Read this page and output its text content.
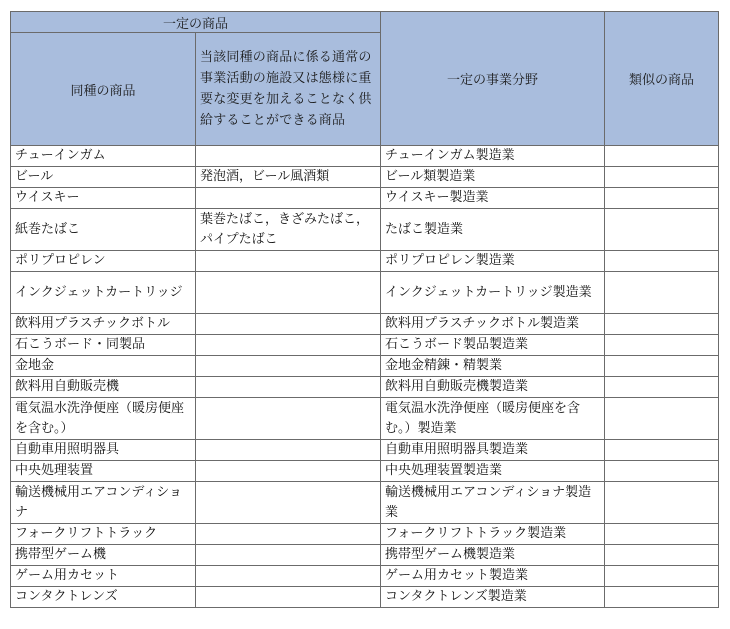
一定の商品		一定の事業分野	類似の商品
同種の商品	当該同種の商品に係る通常の事業活動の施設又は態様に重要な変更を加えることなく供給することができる商品		
チューインガム		チューインガム製造業	
ビール	発泡酒，ビール風酒類	ビール類製造業	
ウイスキー		ウイスキー製造業	
紙巻たばこ	葉巻たばこ，きざみたばこ，パイプたばこ	たばこ製造業	
ポリプロピレン		ポリプロピレン製造業	
インクジェットカートリッジ		インクジェットカートリッジ製造業	
飲料用プラスチックボトル		飲料用プラスチックボトル製造業	
石こうボード・同製品		石こうボード製品製造業	
金地金		金地金精錬・精製業	
飲料用自動販売機		飲料用自動販売機製造業	
電気温水洗浄便座（暖房便座を含む。）		電気温水洗浄便座（暖房便座を含む。）製造業	
自動車用照明器具		自動車用照明器具製造業	
中央処理装置		中央処理装置製造業	
輸送機械用エアコンディショナ		輸送機械用エアコンディショナ製造業	
フォークリフトトラック		フォークリフトトラック製造業	
携帯型ゲーム機		携帯型ゲーム機製造業	
ゲーム用カセット		ゲーム用カセット製造業	
コンタクトレンズ		コンタクトレンズ製造業	
